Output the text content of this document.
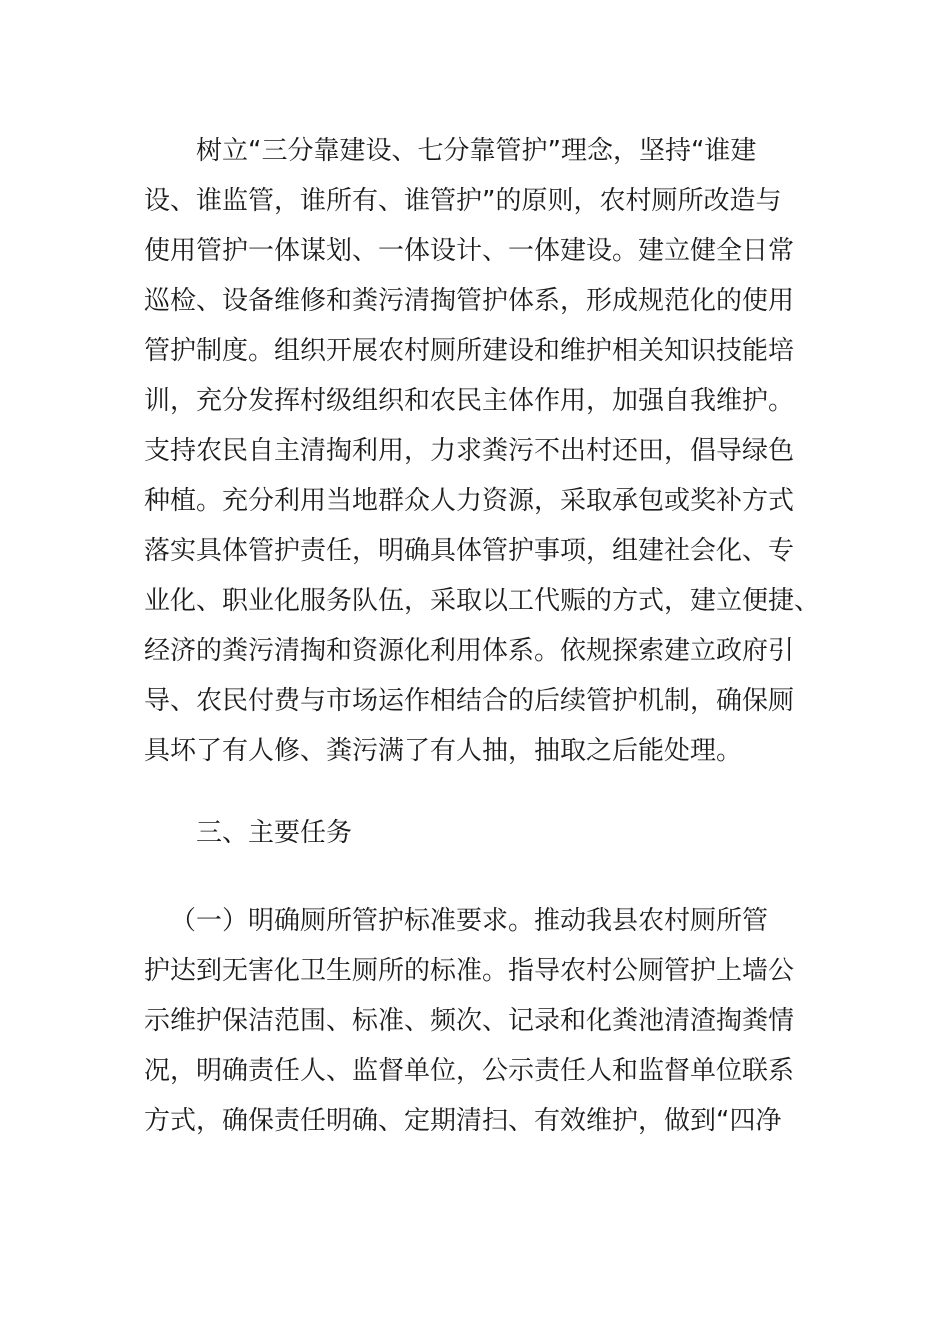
树立“三分靠建设、七分靠管护”理念，坚持“谁建
设、谁监管，谁所有、谁管护”的原则，农村厕所改造与
使用管护一体谋划、一体设计、一体建设。建立健全日常
巡检、设备维修和粪污清掏管护体系，形成规范化的使用
管护制度。组织开展农村厕所建设和维护相关知识技能培
训，充分发挥村级组织和农民主体作用，加强自我维护。
支持农民自主清掏利用，力求粪污不出村还田，倡导绿色
种植。充分利用当地群众人力资源，采取承包或奖补方式
落实具体管护责任，明确具体管护事项，组建社会化、专
业化、职业化服务队伍，采取以工代赈的方式，建立便捷、
经济的粪污清掏和资源化利用体系。依规探索建立政府引
导、农民付费与市场运作相结合的后续管护机制，确保厕
具坏了有人修、粪污满了有人抽，抽取之后能处理。
三、主要任务
（一）明确厕所管护标准要求。推动我县农村厕所管
护达到无害化卫生厕所的标准。指导农村公厕管护上墙公
示维护保洁范围、标准、频次、记录和化粪池清渣掏粪情
况，明确责任人、监督单位，公示责任人和监督单位联系
方式，确保责任明确、定期清扫、有效维护，做到“四净
